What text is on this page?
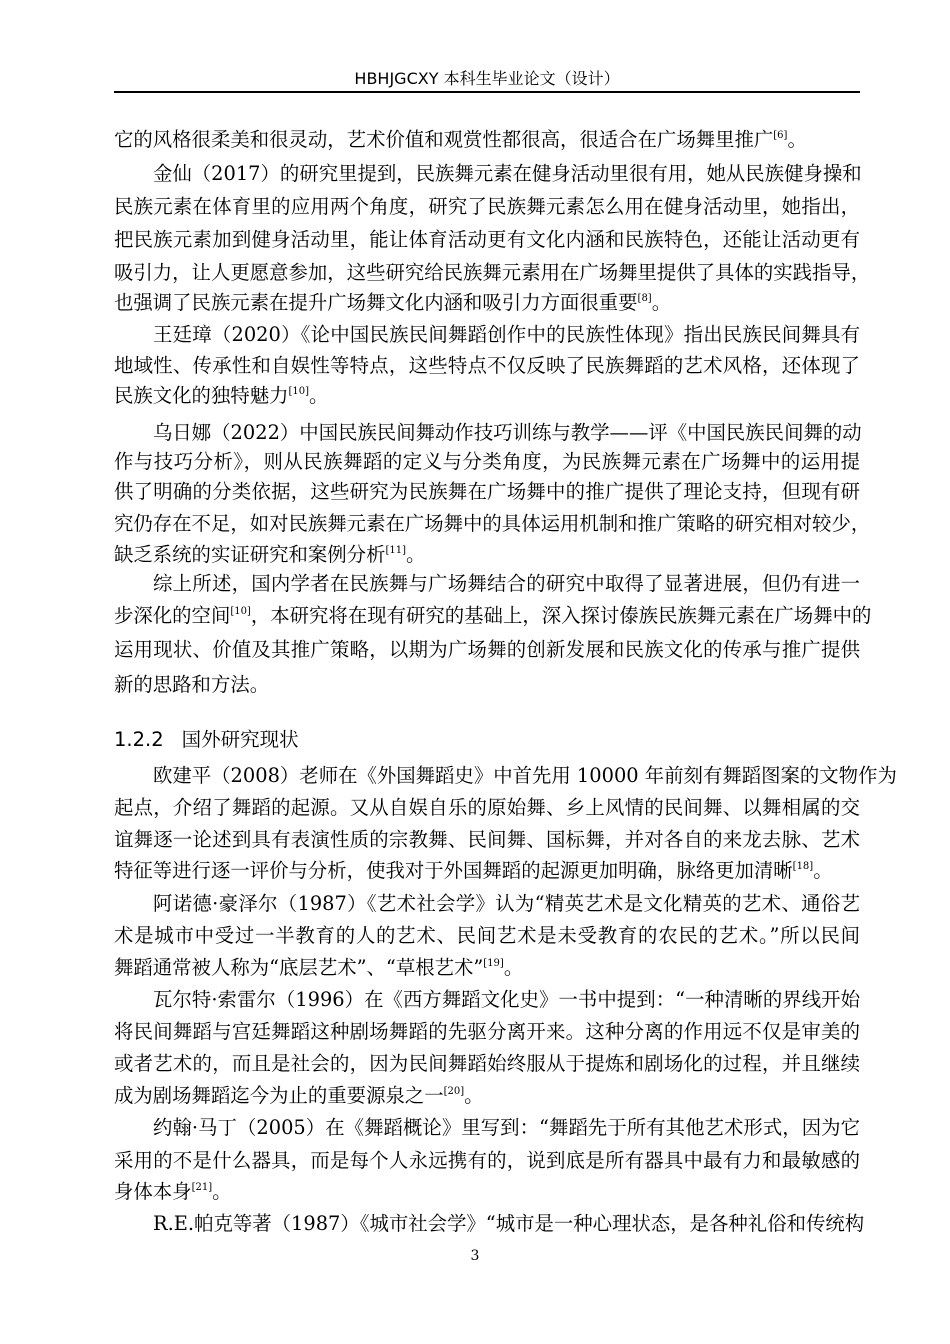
HBHJGCXY 本科生毕业论文（设计）
它的风格很柔美和很灵动，艺术价值和观赏性都很高，很适合在广场舞里推广[6]。
金仙（2017）的研究里提到，民族舞元素在健身活动里很有用，她从民族健身操和
民族元素在体育里的应用两个角度，研究了民族舞元素怎么用在健身活动里，她指出，
把民族元素加到健身活动里，能让体育活动更有文化内涵和民族特色，还能让活动更有
吸引力，让人更愿意参加，这些研究给民族舞元素用在广场舞里提供了具体的实践指导，
也强调了民族元素在提升广场舞文化内涵和吸引力方面很重要[8]。
王廷璋（2020）《论中国民族民间舞蹈创作中的民族性体现》指出民族民间舞具有
地域性、传承性和自娱性等特点，这些特点不仅反映了民族舞蹈的艺术风格，还体现了
民族文化的独特魅力[10]。
乌日娜（2022）中国民族民间舞动作技巧训练与教学——评《中国民族民间舞的动
作与技巧分析》，则从民族舞蹈的定义与分类角度，为民族舞元素在广场舞中的运用提
供了明确的分类依据，这些研究为民族舞在广场舞中的推广提供了理论支持，但现有研
究仍存在不足，如对民族舞元素在广场舞中的具体运用机制和推广策略的研究相对较少，
缺乏系统的实证研究和案例分析[11]。
综上所述，国内学者在民族舞与广场舞结合的研究中取得了显著进展，但仍有进一
步深化的空间[10]，本研究将在现有研究的基础上，深入探讨傣族民族舞元素在广场舞中的
运用现状、价值及其推广策略，以期为广场舞的创新发展和民族文化的传承与推广提供
新的思路和方法。
1.2.2 国外研究现状
欧建平（2008）老师在《外国舞蹈史》中首先用 10000 年前刻有舞蹈图案的文物作为
起点，介绍了舞蹈的起源。又从自娱自乐的原始舞、乡上风情的民间舞、以舞相属的交
谊舞逐一论述到具有表演性质的宗教舞、民间舞、国标舞，并对各自的来龙去脉、艺术
特征等进行逐一评价与分析，使我对于外国舞蹈的起源更加明确，脉络更加清晰[18]。
阿诺德·豪泽尔（1987）《艺术社会学》认为“精英艺术是文化精英的艺术、通俗艺
术是城市中受过一半教育的人的艺术、民间艺术是未受教育的农民的艺术。”所以民间
舞蹈通常被人称为“底层艺术”、“草根艺术”[19]。
瓦尔特·索雷尔（1996）在《西方舞蹈文化史》一书中提到：“一种清晰的界线开始
将民间舞蹈与宫廷舞蹈这种剧场舞蹈的先驱分离开来。这种分离的作用远不仅是审美的
或者艺术的，而且是社会的，因为民间舞蹈始终服从于提炼和剧场化的过程，并且继续
成为剧场舞蹈迄今为止的重要源泉之一[20]。
约翰·马丁（2005）在《舞蹈概论》里写到：“舞蹈先于所有其他艺术形式，因为它
采用的不是什么器具，而是每个人永远携有的，说到底是所有器具中最有力和最敏感的
身体本身[21]。
R.E.帕克等著（1987）《城市社会学》“城市是一种心理状态，是各种礼俗和传统构
3
